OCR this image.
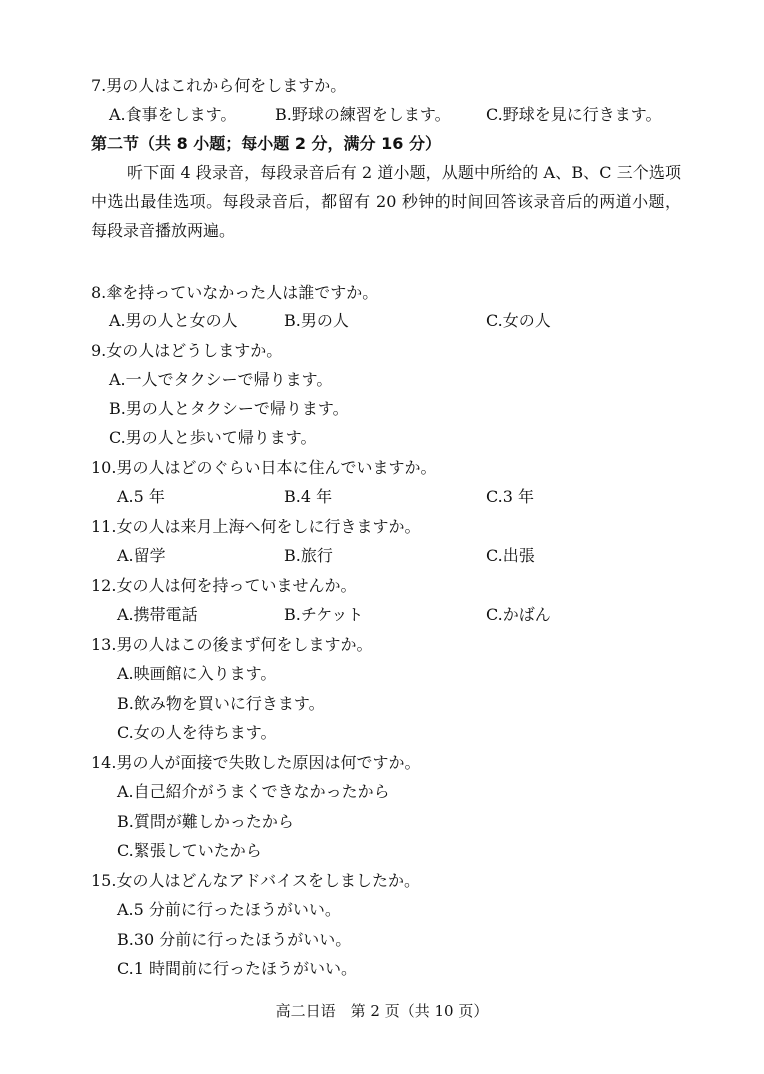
7.男の人はこれから何をしますか。
A.食事をします。 B.野球の練習をします。 C.野球を見に行きます。
第二节（共 8 小题；每小题 2 分，满分 16 分）
听下面 4 段录音，每段录音后有 2 道小题，从题中所给的 A、B、C 三个选项中选出最佳选项。每段录音后，都留有 20 秒钟的时间回答该录音后的两道小题，每段录音播放两遍。
8.傘を持っていなかった人は誰ですか。
A.男の人と女の人	B.男の人	C.女の人
9.女の人はどうしますか。
A.一人でタクシーで帰ります。
B.男の人とタクシーで帰ります。
C.男の人と歩いて帰ります。
10.男の人はどのぐらい日本に住んでいますか。
A.5 年	B.4 年	C.3 年
11.女の人は来月上海へ何をしに行きますか。
A.留学	B.旅行	C.出張
12.女の人は何を持っていませんか。
A.携帯電話	B.チケット	C.かばん
13.男の人はこの後まず何をしますか。
A.映画館に入ります。
B.飲み物を買いに行きます。
C.女の人を待ちます。
14.男の人が面接で失敗した原因は何ですか。
A.自己紹介がうまくできなかったから
B.質問が難しかったから
C.緊張していたから
15.女の人はどんなアドバイスをしましたか。
A.5 分前に行ったほうがいい。
B.30 分前に行ったほうがいい。
C.1 時間前に行ったほうがいい。
高二日语　第 2 页（共 10 页）
